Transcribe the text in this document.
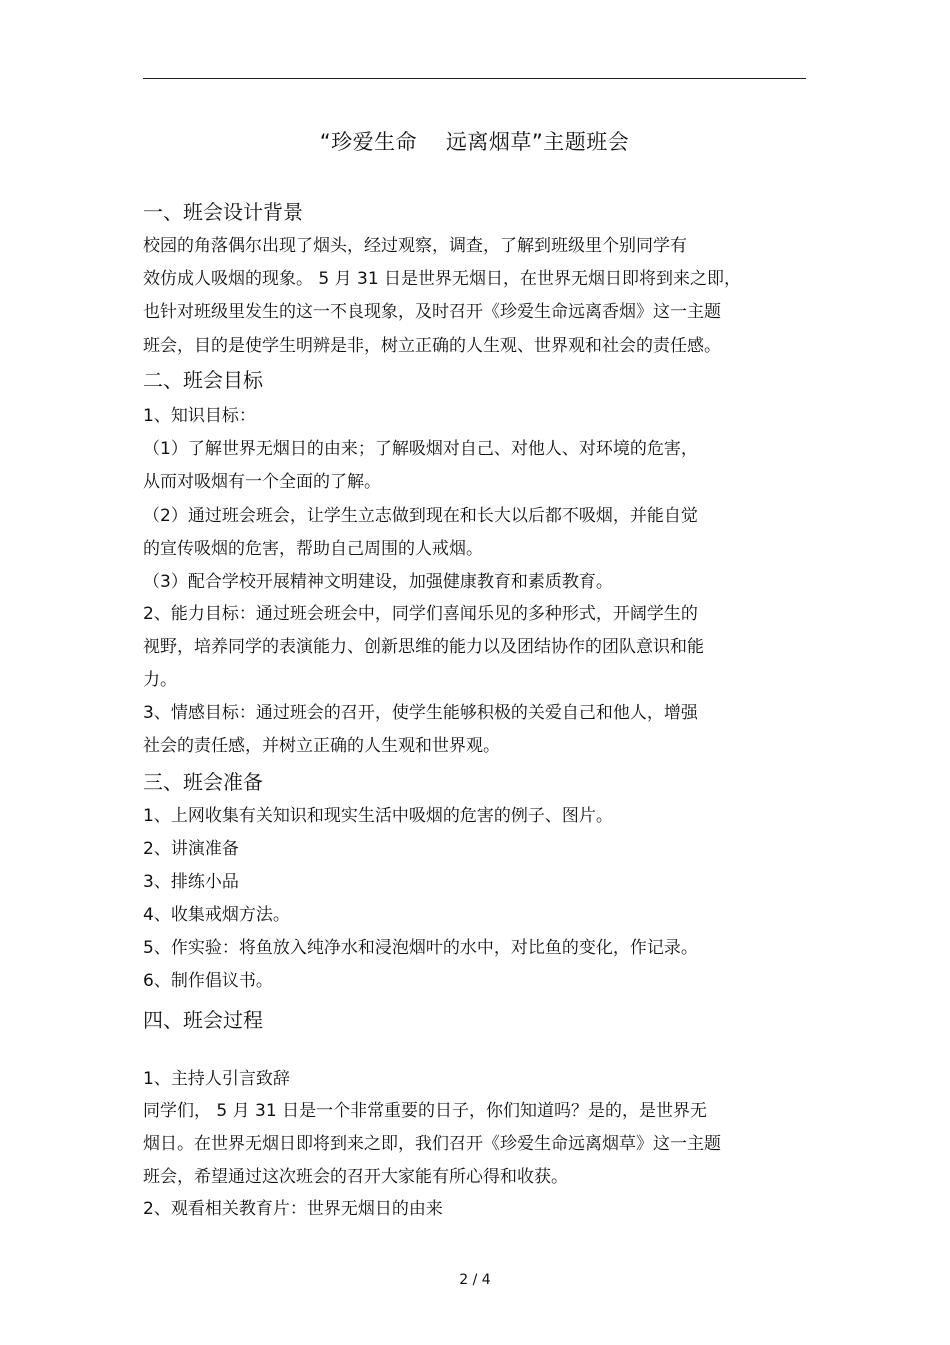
“珍爱生命    远离烟草”主题班会
一、班会设计背景
校园的角落偶尔出现了烟头，经过观察，调查，了解到班级里个别同学有
效仿成人吸烟的现象。 5 月 31 日是世界无烟日，在世界无烟日即将到来之即，
也针对班级里发生的这一不良现象，及时召开《珍爱生命远离香烟》这一主题
班会，目的是使学生明辨是非，树立正确的人生观、世界观和社会的责任感。
二、班会目标
1、知识目标：
（1）了解世界无烟日的由来；了解吸烟对自己、对他人、对环境的危害，
从而对吸烟有一个全面的了解。
（2）通过班会班会，让学生立志做到现在和长大以后都不吸烟，并能自觉
的宣传吸烟的危害，帮助自己周围的人戒烟。
（3）配合学校开展精神文明建设，加强健康教育和素质教育。
2、能力目标：通过班会班会中，同学们喜闻乐见的多种形式，开阔学生的
视野，培养同学的表演能力、创新思维的能力以及团结协作的团队意识和能
力。
3、情感目标：通过班会的召开，使学生能够积极的关爱自己和他人，增强
社会的责任感，并树立正确的人生观和世界观。
三、班会准备
1、上网收集有关知识和现实生活中吸烟的危害的例子、图片。
2、讲演准备
3、排练小品
4、收集戒烟方法。
5、作实验：将鱼放入纯净水和浸泡烟叶的水中，对比鱼的变化，作记录。
6、制作倡议书。
四、班会过程
1、主持人引言致辞
同学们， 5 月 31 日是一个非常重要的日子，你们知道吗？是的，是世界无
烟日。在世界无烟日即将到来之即，我们召开《珍爱生命远离烟草》这一主题
班会，希望通过这次班会的召开大家能有所心得和收获。
2、观看相关教育片：世界无烟日的由来
2 / 4
